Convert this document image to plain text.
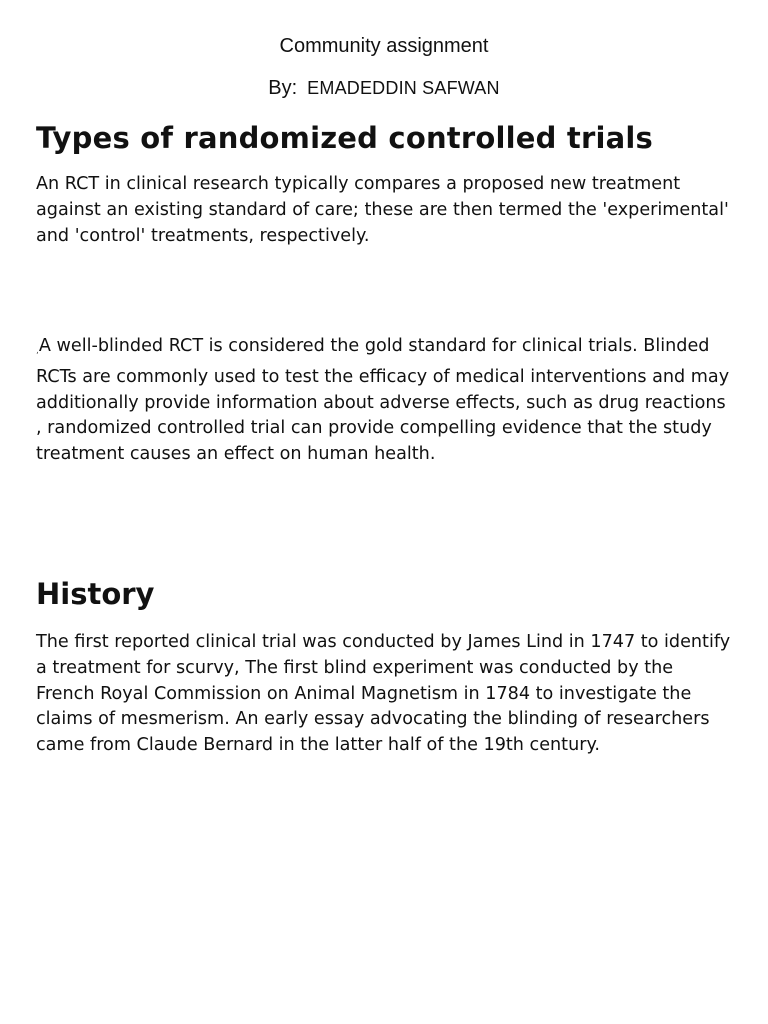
Community assignment
By: EMADEDDIN SAFWAN
Types of randomized controlled trials

An RCT in clinical research typically compares a proposed new treatment against an existing standard of care; these are then termed the 'experimental' and 'control' treatments, respectively.

,A well-blinded RCT is considered the gold standard for clinical trials. Blinded RCTs are commonly used to test the efficacy of medical interventions and may additionally provide information about adverse effects, such as drug reactions , randomized controlled trial can provide compelling evidence that the study treatment causes an effect on human health.

History

The first reported clinical trial was conducted by James Lind in 1747 to identify a treatment for scurvy, The first blind experiment was conducted by the French Royal Commission on Animal Magnetism in 1784 to investigate the claims of mesmerism. An early essay advocating the blinding of researchers came from Claude Bernard in the latter half of the 19th century.
